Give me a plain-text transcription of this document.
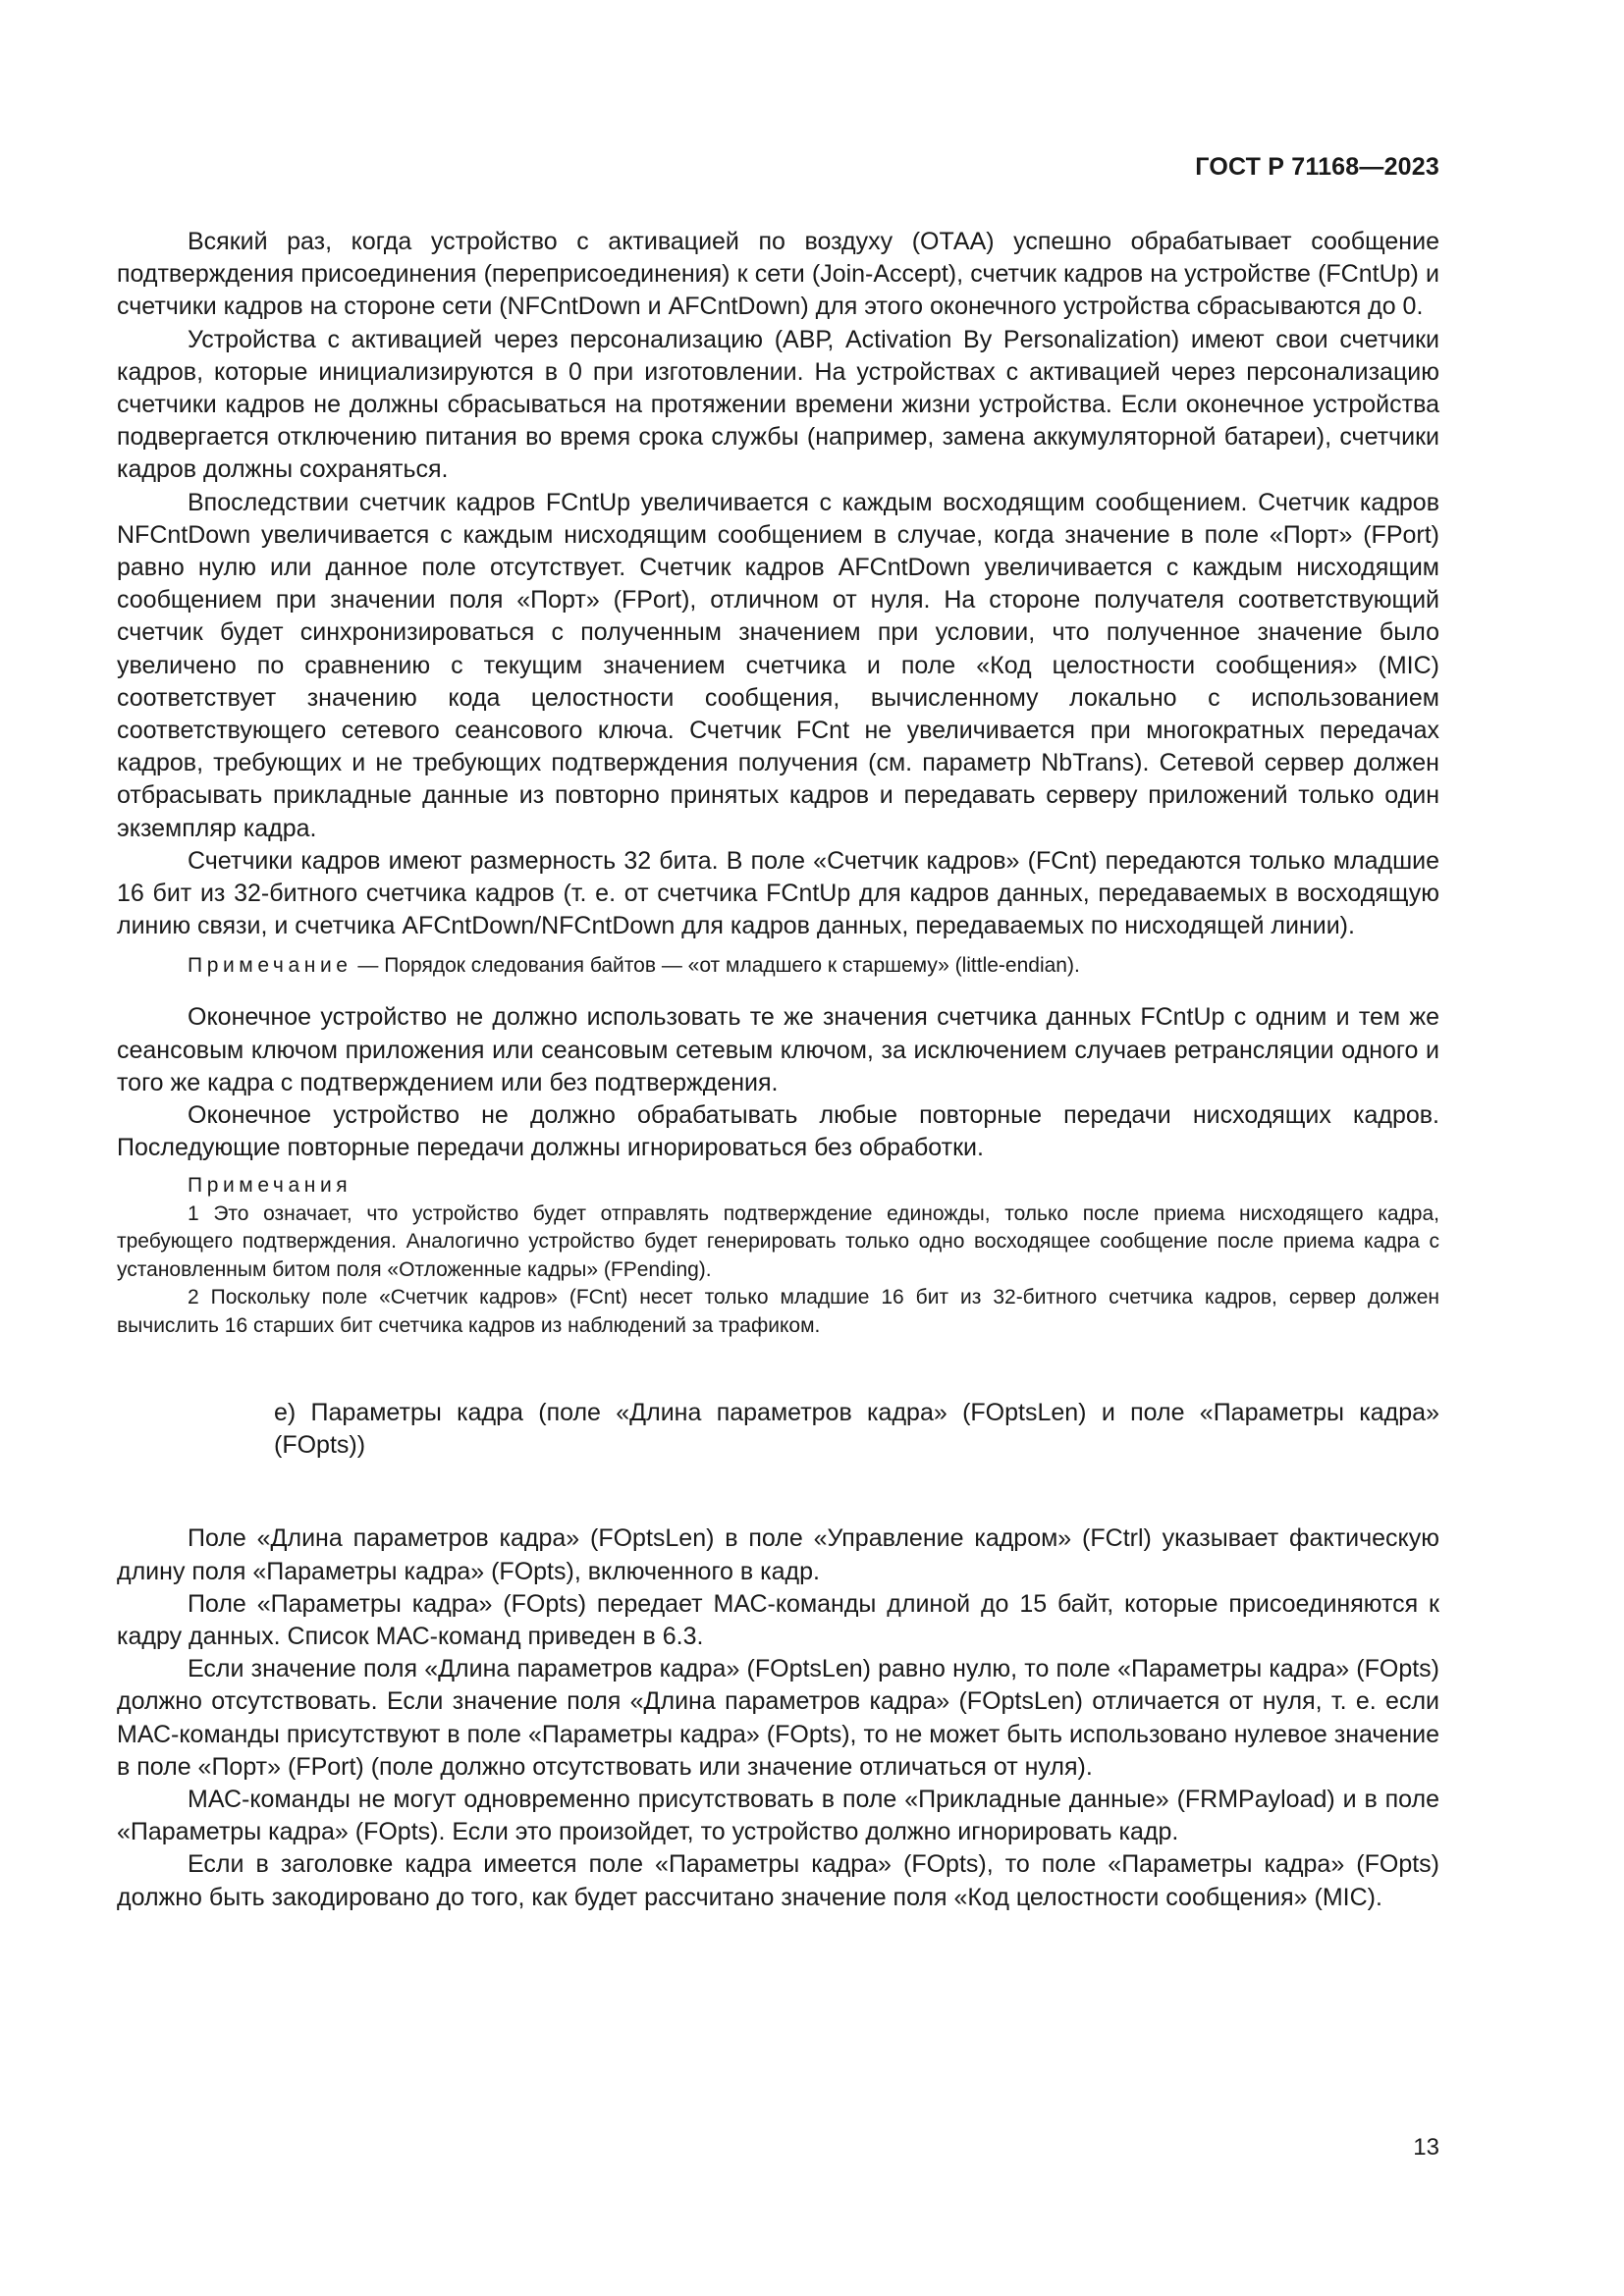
ГОСТ Р 71168—2023

Всякий раз, когда устройство с активацией по воздуху (ОТАА) успешно обрабатывает сообщение подтверждения присоединения (переприсоединения) к сети (Join-Accept), счетчик кадров на устройстве (FCntUp) и счетчики кадров на стороне сети (NFCntDown и AFCntDown) для этого оконечного устройства сбрасываются до 0.

Устройства с активацией через персонализацию (АВР, Activation By Personalization) имеют свои счетчики кадров, которые инициализируются в 0 при изготовлении. На устройствах с активацией через персонализацию счетчики кадров не должны сбрасываться на протяжении времени жизни устройства. Если оконечное устройства подвергается отключению питания во время срока службы (например, замена аккумуляторной батареи), счетчики кадров должны сохраняться.

Впоследствии счетчик кадров FCntUp увеличивается с каждым восходящим сообщением. Счетчик кадров NFCntDown увеличивается с каждым нисходящим сообщением в случае, когда значение в поле «Порт» (FPort) равно нулю или данное поле отсутствует. Счетчик кадров AFCntDown увеличивается с каждым нисходящим сообщением при значении поля «Порт» (FPort), отличном от нуля. На стороне получателя соответствующий счетчик будет синхронизироваться с полученным значением при условии, что полученное значение было увеличено по сравнению с текущим значением счетчика и поле «Код целостности сообщения» (MIC) соответствует значению кода целостности сообщения, вычисленному локально с использованием соответствующего сетевого сеансового ключа. Счетчик FCnt не увеличивается при многократных передачах кадров, требующих и не требующих подтверждения получения (см. параметр NbTrans). Сетевой сервер должен отбрасывать прикладные данные из повторно принятых кадров и передавать серверу приложений только один экземпляр кадра.

Счетчики кадров имеют размерность 32 бита. В поле «Счетчик кадров» (FCnt) передаются только младшие 16 бит из 32-битного счетчика кадров (т. е. от счетчика FCntUp для кадров данных, передаваемых в восходящую линию связи, и счетчика AFCntDown/NFCntDown для кадров данных, передаваемых по нисходящей линии).

Примечание — Порядок следования байтов — «от младшего к старшему» (little-endian).

Оконечное устройство не должно использовать те же значения счетчика данных FCntUp с одним и тем же сеансовым ключом приложения или сеансовым сетевым ключом, за исключением случаев ретрансляции одного и того же кадра с подтверждением или без подтверждения.

Оконечное устройство не должно обрабатывать любые повторные передачи нисходящих кадров. Последующие повторные передачи должны игнорироваться без обработки.

Примечания

1 Это означает, что устройство будет отправлять подтверждение единожды, только после приема нисходящего кадра, требующего подтверждения. Аналогично устройство будет генерировать только одно восходящее сообщение после приема кадра с установленным битом поля «Отложенные кадры» (FPending).

2 Поскольку поле «Счетчик кадров» (FCnt) несет только младшие 16 бит из 32-битного счетчика кадров, сервер должен вычислить 16 старших бит счетчика кадров из наблюдений за трафиком.

е) Параметры кадра (поле «Длина параметров кадра» (FOptsLen) и поле «Параметры кадра» (FOpts))

Поле «Длина параметров кадра» (FOptsLen) в поле «Управление кадром» (FCtrl) указывает фактическую длину поля «Параметры кадра» (FOpts), включенного в кадр.

Поле «Параметры кадра» (FOpts) передает МАС-команды длиной до 15 байт, которые присоединяются к кадру данных. Список МАС-команд приведен в 6.3.

Если значение поля «Длина параметров кадра» (FOptsLen) равно нулю, то поле «Параметры кадра» (FOpts) должно отсутствовать. Если значение поля «Длина параметров кадра» (FOptsLen) отличается от нуля, т. е. если МАС-команды присутствуют в поле «Параметры кадра» (FOpts), то не может быть использовано нулевое значение в поле «Порт» (FPort) (поле должно отсутствовать или значение отличаться от нуля).

МАС-команды не могут одновременно присутствовать в поле «Прикладные данные» (FRMPayload) и в поле «Параметры кадра» (FOpts). Если это произойдет, то устройство должно игнорировать кадр.

Если в заголовке кадра имеется поле «Параметры кадра» (FOpts), то поле «Параметры кадра» (FOpts) должно быть закодировано до того, как будет рассчитано значение поля «Код целостности сообщения» (MIC).

13
